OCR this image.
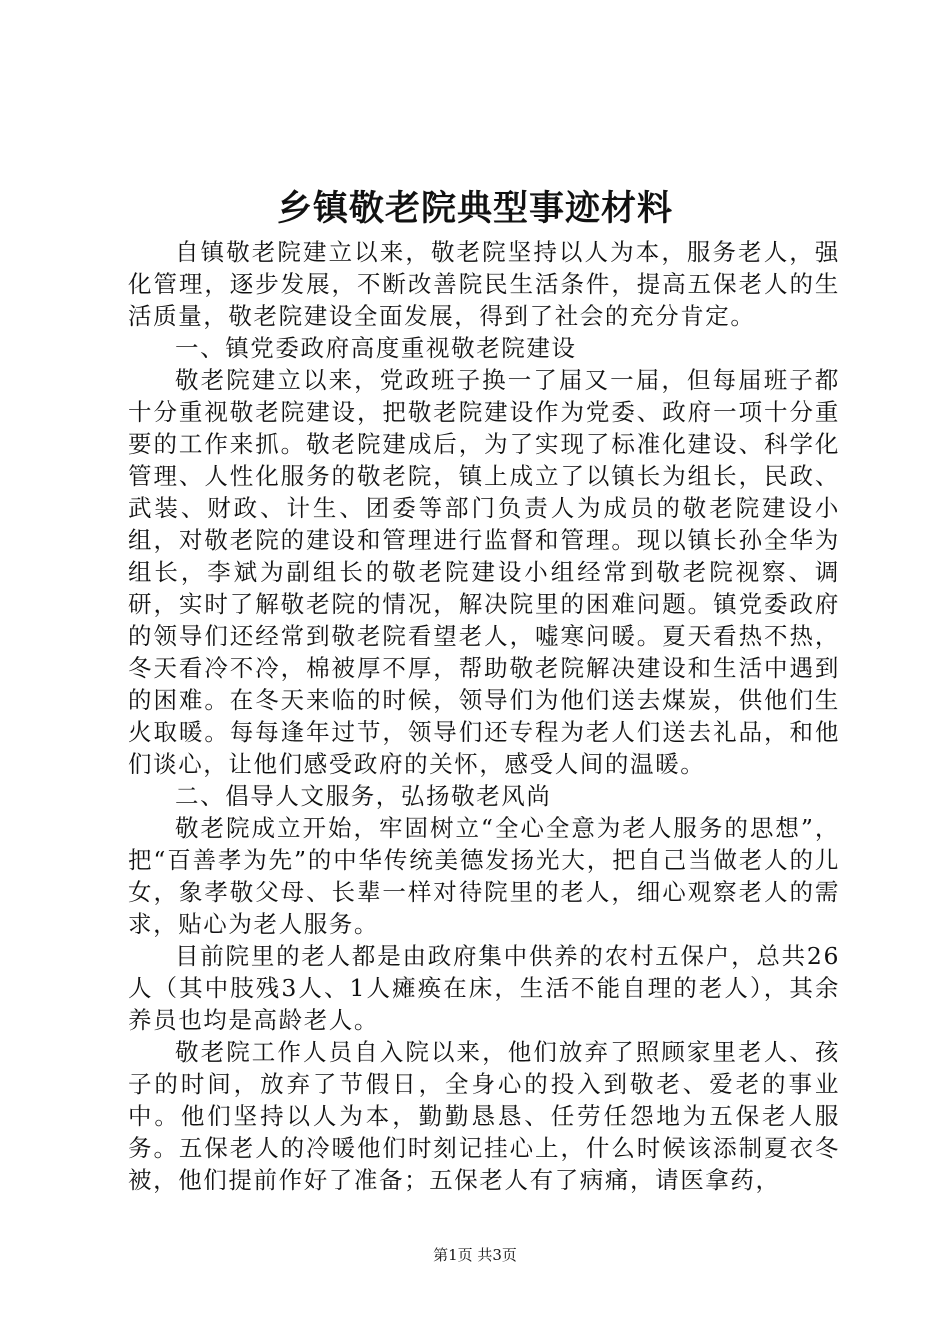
乡镇敬老院典型事迹材料

自镇敬老院建立以来，敬老院坚持以人为本，服务老人，强化管理，逐步发展，不断改善院民生活条件，提高五保老人的生活质量，敬老院建设全面发展，得到了社会的充分肯定。

一、镇党委政府高度重视敬老院建设

敬老院建立以来，党政班子换一了届又一届，但每届班子都十分重视敬老院建设，把敬老院建设作为党委、政府一项十分重要的工作来抓。敬老院建成后，为了实现了标准化建设、科学化管理、人性化服务的敬老院，镇上成立了以镇长为组长，民政、武装、财政、计生、团委等部门负责人为成员的敬老院建设小组，对敬老院的建设和管理进行监督和管理。现以镇长孙全华为组长，李斌为副组长的敬老院建设小组经常到敬老院视察、调研，实时了解敬老院的情况，解决院里的困难问题。镇党委政府的领导们还经常到敬老院看望老人，嘘寒问暖。夏天看热不热，冬天看冷不冷，棉被厚不厚，帮助敬老院解决建设和生活中遇到的困难。在冬天来临的时候，领导们为他们送去煤炭，供他们生火取暖。每每逢年过节，领导们还专程为老人们送去礼品，和他们谈心，让他们感受政府的关怀，感受人间的温暖。

二、倡导人文服务，弘扬敬老风尚

敬老院成立开始，牢固树立“全心全意为老人服务的思想”，把“百善孝为先”的中华传统美德发扬光大，把自己当做老人的儿女，象孝敬父母、长辈一样对待院里的老人，细心观察老人的需求，贴心为老人服务。

目前院里的老人都是由政府集中供养的农村五保户，总共26人（其中肢残3人、1人瘫痪在床，生活不能自理的老人），其余养员也均是高龄老人。

敬老院工作人员自入院以来，他们放弃了照顾家里老人、孩子的时间，放弃了节假日，全身心的投入到敬老、爱老的事业中。他们坚持以人为本，勤勤恳恳、任劳任怨地为五保老人服务。五保老人的冷暖他们时刻记挂心上，什么时候该添制夏衣冬被，他们提前作好了准备；五保老人有了病痛，请医拿药，

第1页 共3页
